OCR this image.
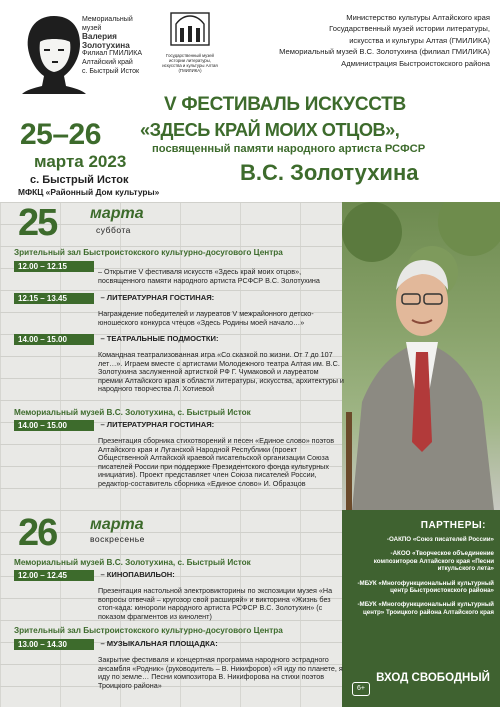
Мемориальный
музей
Валерия
Золотухина
Филиал ГМИЛИКА
Алтайский край
с. Быстрый Исток
Государственный музей
истории литературы,
искусства и культуры Алтая
(ГМИЛИКА)
Министерство культуры Алтайского края
Государственный музей истории литературы,
искусства и культуры Алтая (ГМИЛИКА)
Мемориальный музей В.С. Золотухина (филиал ГМИЛИКА)
Администрация Быстроистокского района
25–26
марта 2023
с. Быстрый Исток
МФКЦ «Районный Дом культуры»
V ФЕСТИВАЛЬ ИСКУССТВ
«ЗДЕСЬ КРАЙ МОИХ ОТЦОВ»,
посвященный памяти народного артиста РСФСР
В.С. Золотухина
ПАРТНЕРЫ:
-ОАКПО «Союз писателей России»
-АКОО «Творческое объединение композиторов Алтайского края «Песни иткульского лета»
-МБУК «Многофункциональный культурный центр Быстроистокского района»
-МБУК «Многофункциональный культурный центр» Троицкого района Алтайского края
6+
ВХОД СВОБОДНЫЙ
25 марта
суббота
Зрительный зал Быстроистокского культурно-досугового Центра
12.00 – 12.15
– Открытие V фестиваля искусств «Здесь край моих отцов», посвященного памяти народного артиста РСФСР В.С. Золотухина
12.15 – 13.45	– ЛИТЕРАТУРНАЯ ГОСТИНАЯ:
Награждение победителей и лауреатов V межрайонного детско-юношеского конкурса чтецов «Здесь Родины моей начало…»
14.00 – 15.00	– ТЕАТРАЛЬНЫЕ ПОДМОСТКИ:
Командная театрализованная игра «Со сказкой по жизни. От 7 до 107 лет…». Играем вместе с артистами Молодежного театра Алтая им. В.С. Золотухина заслуженной артисткой РФ Г. Чумаковой и лауреатом премии Алтайского края в области литературы, искусства, архитектуры и народного творчества Л. Хотиевой
Мемориальный музей В.С. Золотухина, с. Быстрый Исток
14.00 – 15.00	– ЛИТЕРАТУРНАЯ ГОСТИНАЯ:
Презентация сборника стихотворений и песен «Единое слово» поэтов Алтайского края и Луганской Народной Республики (проект Общественной Алтайской краевой писательской организации Союза писателей России при поддержке Президентского фонда культурных инициатив). Проект представляет член Союза писателей России, редактор-составитель сборника «Единое слово» И. Образцов
26 марта
воскресенье
Мемориальный музей В.С. Золотухина, с. Быстрый Исток
12.00 – 12.45	– КИНОПАВИЛЬОН:
Презентация настольной электровикторины по экспозиции музея «На вопросы отвечай – кругозор свой расширяй» и викторина «Жизнь без стоп-када: кинороли народного артиста РСФСР В.С. Золотухин» (с показом фрагментов из кинолент)
Зрительный зал Быстроистокского культурно-досугового Центра
13.00 – 14.30	– МУЗЫКАЛЬНАЯ ПЛОЩАДКА:
Закрытие фестиваля и концертная программа народного эстрадного ансамбля «Родник» (руководитель – В. Никифоров) «Я иду по планете, я иду по земле… Песни композитора В. Никифорова на стихи поэтов Троицкого района»
